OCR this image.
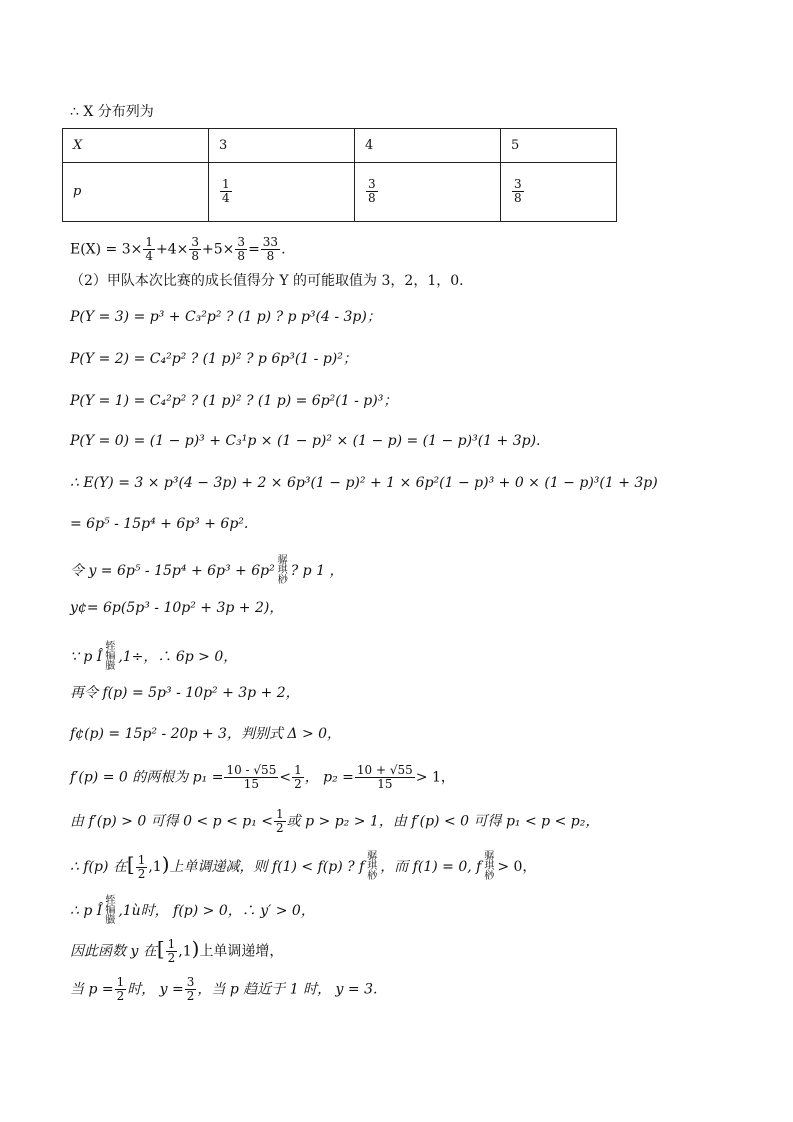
∴ X 分布列为
X	3	4	5
p	$\frac{1}{4}$	$\frac{3}{8}$	$\frac{3}{8}$
$E(X) = 3\times \frac{1}{4} +4\times \frac{3}{8} +5\times \frac{3}{8} = \frac{33}{8}$ .
（2）甲队本次比赛的成长值得分 Y 的可能取值为 3，2，1，0.
P(Y = 3) = p³ + C₃²p² ? (1 p) ? p p³(4 - 3p)；
P(Y = 2) = C₄²p² ? (1 p)² ? p 6p³(1 - p)²；
P(Y = 1) = C₄²p² ? (1 p)² ? (1 p) = 6p²(1 - p)³；
P(Y = 0) = (1 − p)³ + C₃¹p × (1 − p)² × (1 − p) = (1 − p)³(1 + 3p).
∴ E(Y) = 3 × p³(4 − 3p) + 2 × 6p³(1 − p)² + 1 × 6p²(1 − p)³ + 0 × (1 − p)³(1 + 3p)
= 6p⁵ - 15p⁴ + 6p³ + 6p².
令 y = 6p⁵ - 15p⁴ + 6p³ + 6p²骣
琪
桫? p 1 ，
y¢= 6p(5p³ - 10p² + 3p + 2)，
∵ p Î轾
犏
臌,1÷，∴ 6p > 0，
再令 f(p) = 5p³ - 10p² + 3p + 2，
f¢(p) = 15p² - 20p + 3，判别式 Δ > 0，
f′(p) = 0 的两根为 $p_1 = \frac{10 - √55}{15} < \frac{1}{2}$ ， $p_2 = \frac{10 + √55}{15} > 1$，
由 f′(p) > 0 可得 $0 < p < p_1 < \frac{1}{2}$ 或 p > p₂ > 1，由 f′(p) < 0 可得 p₁ < p < p₂，
∴ f(p) 在[ $\frac{1}{2} ,1$)上单调递减，则 f(1) < f(p) ? f骣
琪
桫，而 f(1) = 0, f骣
琪
桫> 0，
∴ p Î轾
犏
臌,1ù时， f(p) > 0，∴ y′ > 0，
因此函数 y 在[ $\frac{1}{2} ,1$)上单调递增，
当 $p = \frac{1}{2}$ 时， $y = \frac{3}{2}$ ，当 p 趋近于 1 时， y = 3.
